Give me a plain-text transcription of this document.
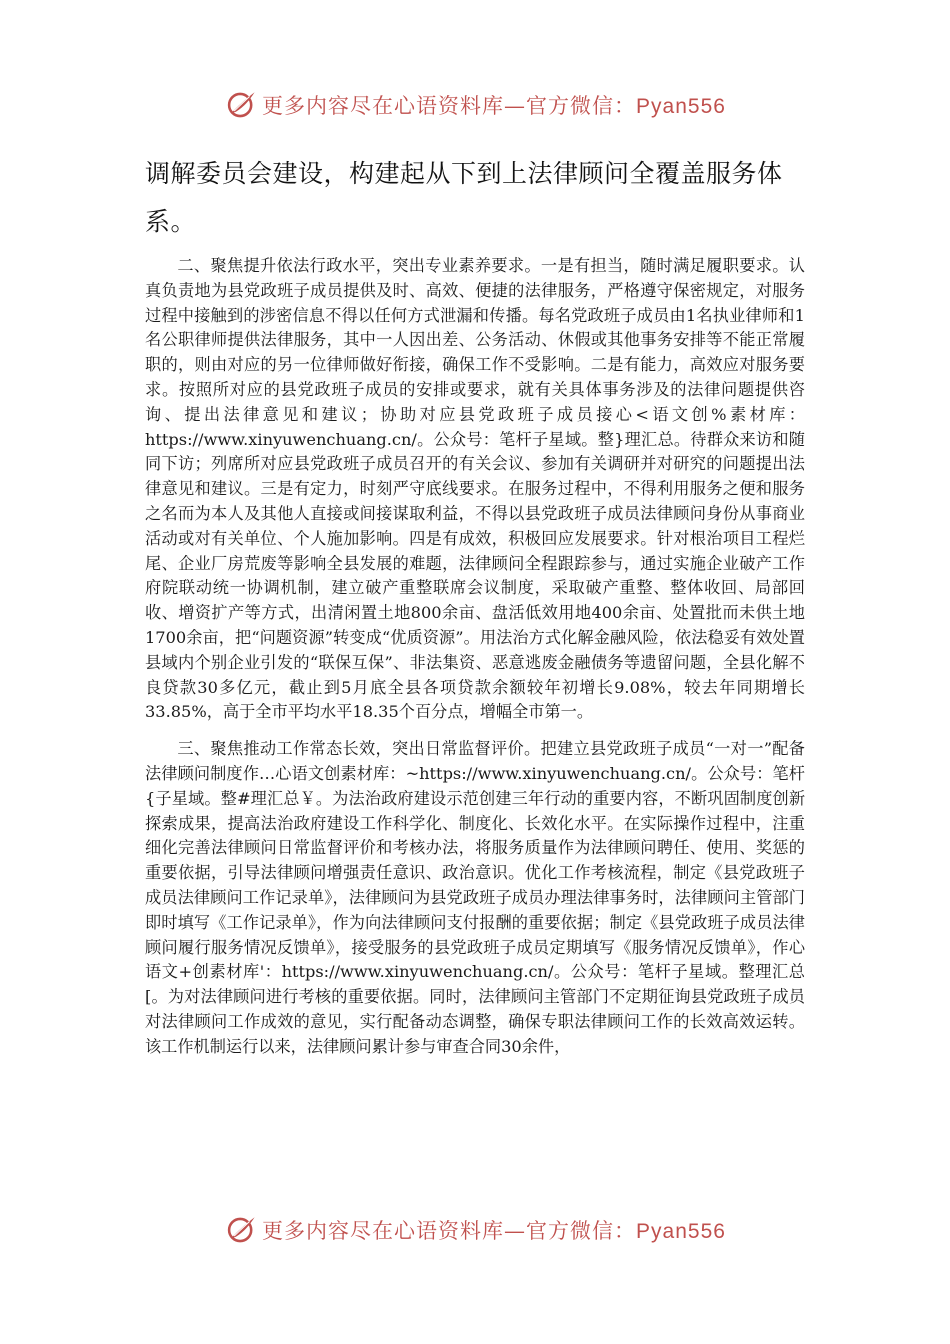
更多内容尽在心语资料库—官方微信：Pyan556
调解委员会建设，构建起从下到上法律顾问全覆盖服务体系。

二、聚焦提升依法行政水平，突出专业素养要求。一是有担当，随时满足履职要求。认真负责地为县党政班子成员提供及时、高效、便捷的法律服务，严格遵守保密规定，对服务过程中接触到的涉密信息不得以任何方式泄漏和传播。每名党政班子成员由1名执业律师和1名公职律师提供法律服务，其中一人因出差、公务活动、休假或其他事务安排等不能正常履职的，则由对应的另一位律师做好衔接，确保工作不受影响。二是有能力，高效应对服务要求。按照所对应的县党政班子成员的安排或要求，就有关具体事务涉及的法律问题提供咨询、提出法律意见和建议；协助对应县党政班子成员接心<语文创%素材库：https://www.xinyuwenchuang.cn/。公众号：笔杆子星域。整}理汇总。待群众来访和随同下访；列席所对应县党政班子成员召开的有关会议、参加有关调研并对研究的问题提出法律意见和建议。三是有定力，时刻严守底线要求。在服务过程中，不得利用服务之便和服务之名而为本人及其他人直接或间接谋取利益，不得以县党政班子成员法律顾问身份从事商业活动或对有关单位、个人施加影响。四是有成效，积极回应发展要求。针对根治项目工程烂尾、企业厂房荒废等影响全县发展的难题，法律顾问全程跟踪参与，通过实施企业破产工作府院联动统一协调机制，建立破产重整联席会议制度，采取破产重整、整体收回、局部回收、增资扩产等方式，出清闲置土地800余亩、盘活低效用地400余亩、处置批而未供土地1700余亩，把“问题资源”转变成“优质资源”。用法治方式化解金融风险，依法稳妥有效处置县域内个别企业引发的“联保互保”、非法集资、恶意逃废金融债务等遗留问题，全县化解不良贷款30多亿元，截止到5月底全县各项贷款余额较年初增长9.08%，较去年同期增长33.85%，高于全市平均水平18.35个百分点，增幅全市第一。

三、聚焦推动工作常态长效，突出日常监督评价。把建立县党政班子成员“一对一”配备法律顾问制度作…心语文创素材库：~https://www.xinyuwenchuang.cn/。公众号：笔杆{子星域。整#理汇总￥。为法治政府建设示范创建三年行动的重要内容，不断巩固制度创新探索成果，提高法治政府建设工作科学化、制度化、长效化水平。在实际操作过程中，注重细化完善法律顾问日常监督评价和考核办法，将服务质量作为法律顾问聘任、使用、奖惩的重要依据，引导法律顾问增强责任意识、政治意识。优化工作考核流程，制定《县党政班子成员法律顾问工作记录单》，法律顾问为县党政班子成员办理法律事务时，法律顾问主管部门即时填写《工作记录单》，作为向法律顾问支付报酬的重要依据；制定《县党政班子成员法律顾问履行服务情况反馈单》，接受服务的县党政班子成员定期填写《服务情况反馈单》，作心语文+创素材库'：https://www.xinyuwenchuang.cn/。公众号：笔杆子星域。整理汇总[。为对法律顾问进行考核的重要依据。同时，法律顾问主管部门不定期征询县党政班子成员对法律顾问工作成效的意见，实行配备动态调整，确保专职法律顾问工作的长效高效运转。该工作机制运行以来，法律顾问累计参与审查合同30余件，

更多内容尽在心语资料库—官方微信：Pyan556
